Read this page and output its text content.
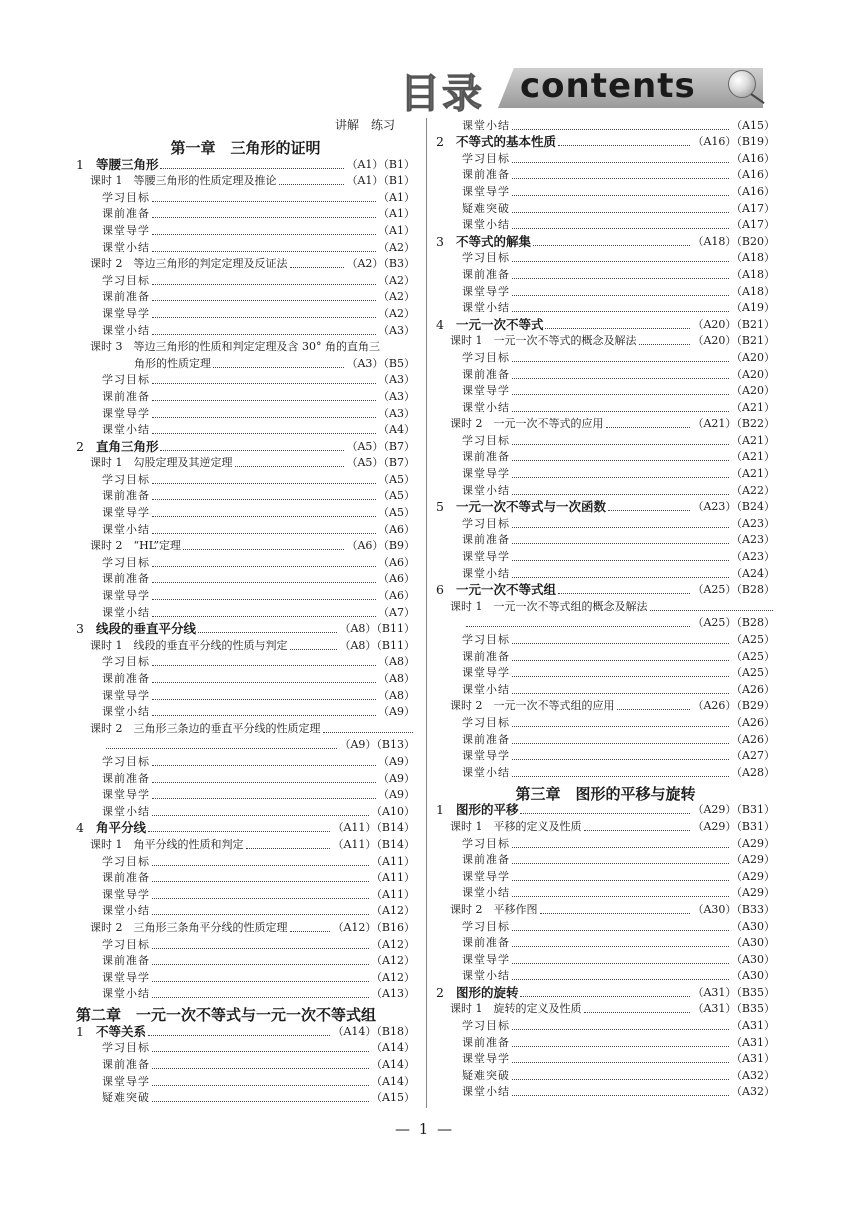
目录 contents
讲解　练习
第一章　三角形的证明
1 等腰三角形	（A1）（B1）
课时 1　等腰三角形的性质定理及推论	（A1）（B1）
学习目标	（A1）
课前准备	（A1）
课堂导学	（A1）
课堂小结	（A2）
课时 2　等边三角形的判定定理及反证法	（A2）（B3）
学习目标	（A2）
课前准备	（A2）
课堂导学	（A2）
课堂小结	（A3）
课时 3　等边三角形的性质和判定定理及含 30° 角的直角三
角形的性质定理	（A3）（B5）
学习目标	（A3）
课前准备	（A3）
课堂导学	（A3）
课堂小结	（A4）
2 直角三角形	（A5）（B7）
课时 1　勾股定理及其逆定理	（A5）（B7）
学习目标	（A5）
课前准备	（A5）
课堂导学	（A5）
课堂小结	（A6）
课时 2　“HL”定理	（A6）（B9）
学习目标	（A6）
课前准备	（A6）
课堂导学	（A6）
课堂小结	（A7）
3 线段的垂直平分线	（A8）（B11）
课时 1　线段的垂直平分线的性质与判定	（A8）（B11）
学习目标	（A8）
课前准备	（A8）
课堂导学	（A8）
课堂小结	（A9）
课时 2　三角形三条边的垂直平分线的性质定理
（A9）（B13）
学习目标	（A9）
课前准备	（A9）
课堂导学	（A9）
课堂小结	（A10）
4 角平分线	（A11）（B14）
课时 1　角平分线的性质和判定	（A11）（B14）
学习目标	（A11）
课前准备	（A11）
课堂导学	（A11）
课堂小结	（A12）
课时 2　三角形三条角平分线的性质定理	（A12）（B16）
学习目标	（A12）
课前准备	（A12）
课堂导学	（A12）
课堂小结	（A13）
第二章　一元一次不等式与一元一次不等式组
1 不等关系	（A14）（B18）
学习目标	（A14）
课前准备	（A14）
课堂导学	（A14）
疑难突破	（A15）
课堂小结	（A15）
2 不等式的基本性质	（A16）（B19）
学习目标	（A16）
课前准备	（A16）
课堂导学	（A16）
疑难突破	（A17）
课堂小结	（A17）
3 不等式的解集	（A18）（B20）
学习目标	（A18）
课前准备	（A18）
课堂导学	（A18）
课堂小结	（A19）
4 一元一次不等式	（A20）（B21）
课时 1　一元一次不等式的概念及解法	（A20）（B21）
学习目标	（A20）
课前准备	（A20）
课堂导学	（A20）
课堂小结	（A21）
课时 2　一元一次不等式的应用	（A21）（B22）
学习目标	（A21）
课前准备	（A21）
课堂导学	（A21）
课堂小结	（A22）
5 一元一次不等式与一次函数	（A23）（B24）
学习目标	（A23）
课前准备	（A23）
课堂导学	（A23）
课堂小结	（A24）
6 一元一次不等式组	（A25）（B28）
课时 1　一元一次不等式组的概念及解法
（A25）（B28）
学习目标	（A25）
课前准备	（A25）
课堂导学	（A25）
课堂小结	（A26）
课时 2　一元一次不等式组的应用	（A26）（B29）
学习目标	（A26）
课前准备	（A26）
课堂导学	（A27）
课堂小结	（A28）
第三章　图形的平移与旋转
1 图形的平移	（A29）（B31）
课时 1　平移的定义及性质	（A29）（B31）
学习目标	（A29）
课前准备	（A29）
课堂导学	（A29）
课堂小结	（A29）
课时 2　平移作图	（A30）（B33）
学习目标	（A30）
课前准备	（A30）
课堂导学	（A30）
课堂小结	（A30）
2 图形的旋转	（A31）（B35）
课时 1　旋转的定义及性质	（A31）（B35）
学习目标	（A31）
课前准备	（A31）
课堂导学	（A31）
疑难突破	（A32）
课堂小结	（A32）
— 1 —
